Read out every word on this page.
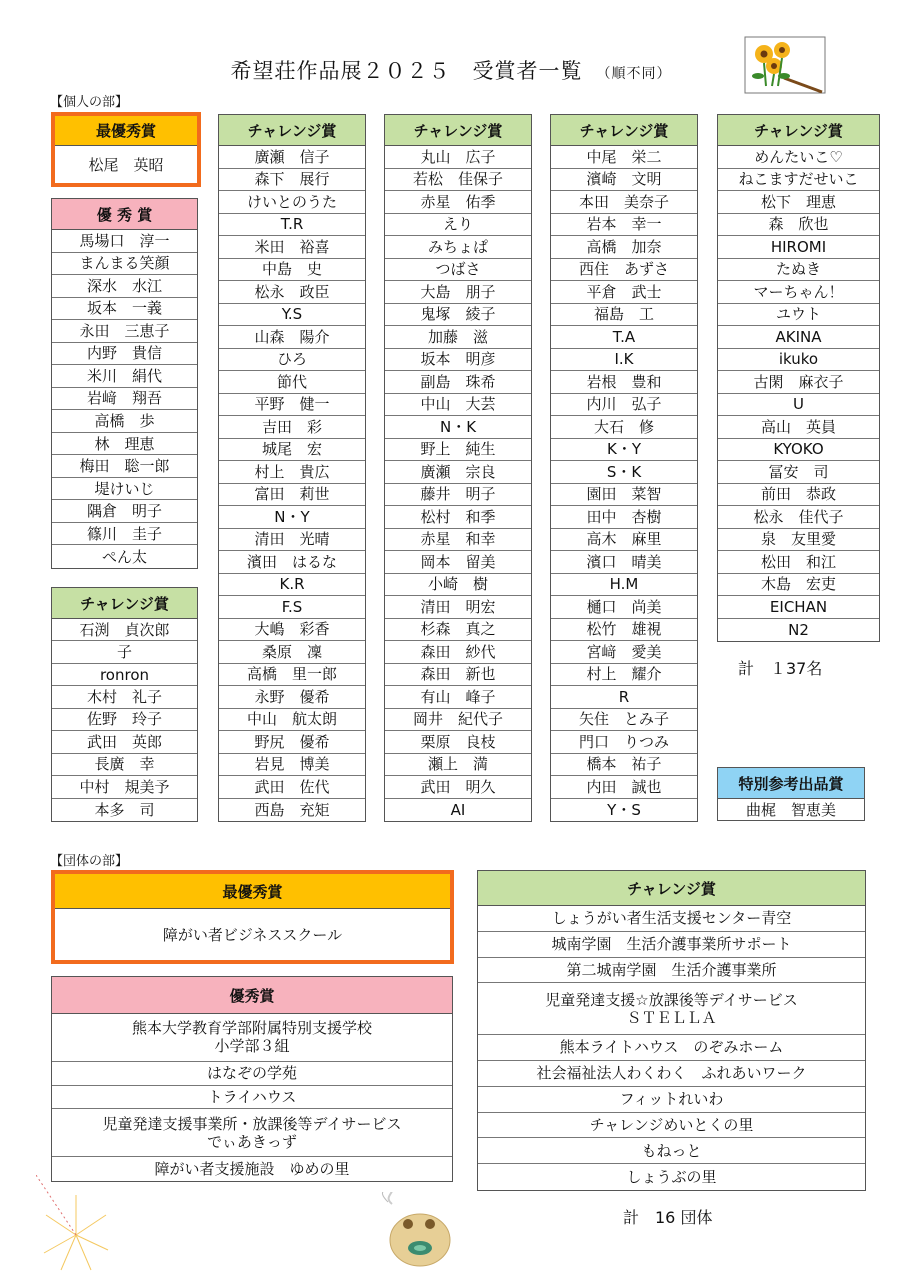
希望荘作品展２０２５　受賞者一覧 （順不同）
【個人の部】
最優秀賞
松尾　英昭
優 秀 賞
馬場口　淳一
まんまる笑顔
深水　水江
坂本　一義
永田　三恵子
内野　貴信
米川　絹代
岩﨑　翔吾
高橋　歩
林　理恵
梅田　聡一郎
堤けいじ
隅倉　明子
篠川　圭子
ぺん太
チャレンジ賞
石渕　貞次郎
子
ronron
木村　礼子
佐野　玲子
武田　英郎
長廣　幸
中村　規美予
本多　司
チャレンジ賞
廣瀬　信子
森下　展行
けいとのうた
T.R
米田　裕喜
中島　史
松永　政臣
Y.S
山森　陽介
ひろ
節代
平野　健一
吉田　彩
城尾　宏
村上　貴広
富田　莉世
N・Y
清田　光晴
濱田　はるな
K.R
F.S
大嶋　彩香
桑原　凜
高橋　里一郎
永野　優希
中山　航太朗
野尻　優希
岩見　博美
武田　佐代
西島　充矩
チャレンジ賞
丸山　広子
若松　佳保子
赤星　佑季
えり
みちょぱ
つばさ
大島　朋子
鬼塚　綾子
加藤　滋
坂本　明彦
副島　珠希
中山　大芸
N・K
野上　純生
廣瀬　宗良
藤井　明子
松村　和季
赤星　和幸
岡本　留美
小崎　樹
清田　明宏
杉森　真之
森田　紗代
森田　新也
有山　峰子
岡井　紀代子
栗原　良枝
瀬上　満
武田　明久
AI
チャレンジ賞
中尾　栄二
濱崎　文明
本田　美奈子
岩本　幸一
高橋　加奈
西住　あずさ
平倉　武士
福島　工
T.A
I.K
岩根　豊和
内川　弘子
大石　修
K・Y
S・K
園田　菜智
田中　杏樹
高木　麻里
濱口　晴美
H.M
樋口　尚美
松竹　雄視
宮﨑　愛美
村上　耀介
R
矢住　とみ子
門口　りつみ
橋本　祐子
内田　誠也
Y・S
チャレンジ賞
めんたいこ♡
ねこますだせいこ
松下　理恵
森　欣也
HIROMI
たぬき
マーちゃん！
ユウト
AKINA
ikuko
古閑　麻衣子
U
高山　英員
KYOKO
冨安　司
前田　恭政
松永　佳代子
泉　友里愛
松田　和江
木島　宏吏
EICHAN
N2
計　１37名
特別参考出品賞
曲梶　智恵美
【団体の部】
最優秀賞
障がい者ビジネススクール
優秀賞
熊本大学教育学部附属特別支援学校
小学部３組
はなぞの学苑
トライハウス
児童発達支援事業所・放課後等デイサービス
でぃあきっず
障がい者支援施設　ゆめの里
チャレンジ賞
しょうがい者生活支援センター青空
城南学園　生活介護事業所サポート
第二城南学園　生活介護事業所
児童発達支援☆放課後等デイサービス
ＳＴＥＬＬＡ
熊本ライトハウス　のぞみホーム
社会福祉法人わくわく　ふれあいワーク
フィットれいわ
チャレンジめいとくの里
もねっと
しょうぶの里
計　16 団体
